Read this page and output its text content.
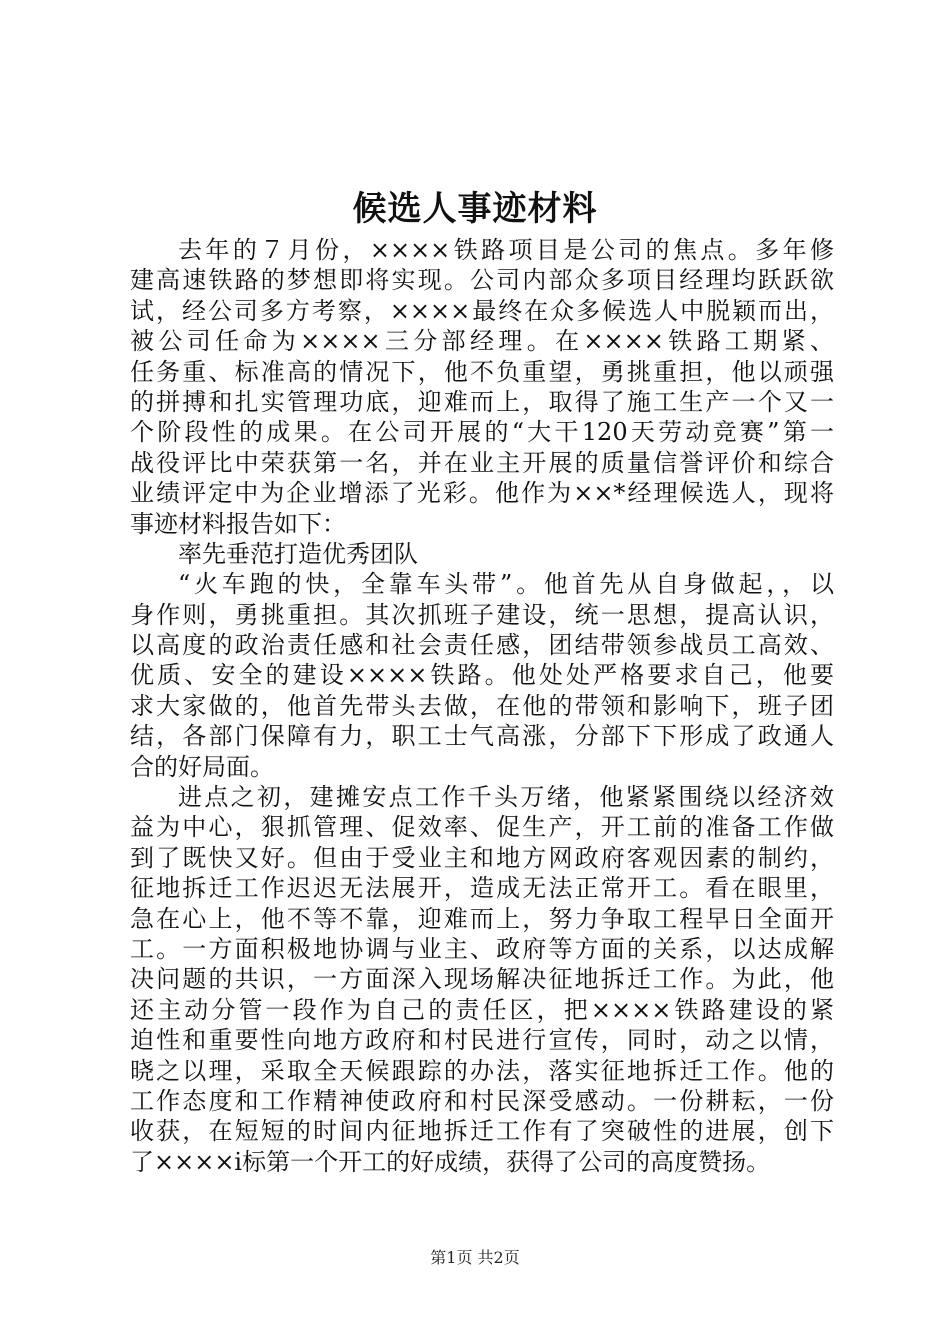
候选人事迹材料
去年的７月份，××××铁路项目是公司的焦点。多年修
建高速铁路的梦想即将实现。公司内部众多项目经理均跃跃欲
试，经公司多方考察，××××最终在众多候选人中脱颖而出，
被公司任命为××××三分部经理。在××××铁路工期紧、
任务重、标准高的情况下，他不负重望，勇挑重担，他以顽强
的拼搏和扎实管理功底，迎难而上，取得了施工生产一个又一
个阶段性的成果。在公司开展的“大干120天劳动竞赛”第一
战役评比中荣获第一名，并在业主开展的质量信誉评价和综合
业绩评定中为企业增添了光彩。他作为××*经理候选人，现将
事迹材料报告如下：
率先垂范打造优秀团队
“火车跑的快，全靠车头带”。他首先从自身做起，，以
身作则，勇挑重担。其次抓班子建设，统一思想，提高认识，
以高度的政治责任感和社会责任感，团结带领参战员工高效、
优质、安全的建设××××铁路。他处处严格要求自己，他要
求大家做的，他首先带头去做，在他的带领和影响下，班子团
结，各部门保障有力，职工士气高涨，分部下下形成了政通人
合的好局面。
进点之初，建摊安点工作千头万绪，他紧紧围绕以经济效
益为中心，狠抓管理、促效率、促生产，开工前的准备工作做
到了既快又好。但由于受业主和地方网政府客观因素的制约，
征地拆迁工作迟迟无法展开，造成无法正常开工。看在眼里，
急在心上，他不等不靠，迎难而上，努力争取工程早日全面开
工。一方面积极地协调与业主、政府等方面的关系，以达成解
决问题的共识，一方面深入现场解决征地拆迁工作。为此，他
还主动分管一段作为自己的责任区，把××××铁路建设的紧
迫性和重要性向地方政府和村民进行宣传，同时，动之以情，
晓之以理，采取全天候跟踪的办法，落实征地拆迁工作。他的
工作态度和工作精神使政府和村民深受感动。一份耕耘，一份
收获，在短短的时间内征地拆迁工作有了突破性的进展，创下
了××××i标第一个开工的好成绩，获得了公司的高度赞扬。
第1页 共2页
